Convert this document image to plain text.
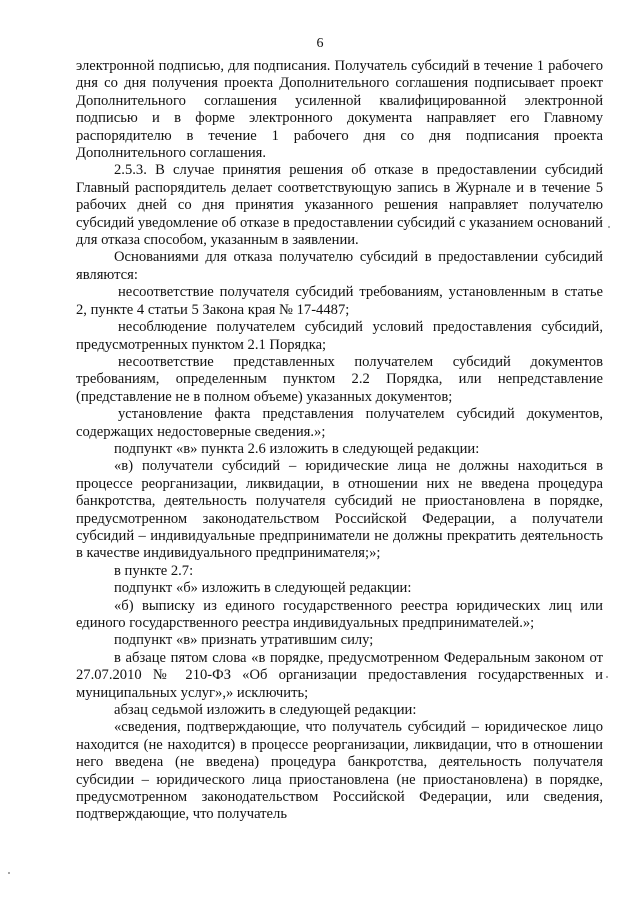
6

электронной подписью, для подписания. Получатель субсидий в течение 1 рабочего дня со дня получения проекта Дополнительного соглашения подписывает проект Дополнительного соглашения усиленной квалифицированной электронной подписью и в форме электронного документа направляет его Главному распорядителю в течение 1 рабочего дня со дня подписания проекта Дополнительного соглашения.

2.5.3. В случае принятия решения об отказе в предоставлении субсидий Главный распорядитель делает соответствующую запись в Журнале и в течение 5 рабочих дней со дня принятия указанного решения направляет получателю субсидий уведомление об отказе в предоставлении субсидий с указанием оснований для отказа способом, указанным в заявлении.

Основаниями для отказа получателю субсидий в предоставлении субсидий являются:

несоответствие получателя субсидий требованиям, установленным в статье 2, пункте 4 статьи 5 Закона края № 17-4487;

несоблюдение получателем субсидий условий предоставления субсидий, предусмотренных пунктом 2.1 Порядка;

несоответствие представленных получателем субсидий документов требованиям, определенным пунктом 2.2 Порядка, или непредставление (представление не в полном объеме) указанных документов;

установление факта представления получателем субсидий документов, содержащих недостоверные сведения.»;

подпункт «в» пункта 2.6 изложить в следующей редакции:

«в) получатели субсидий – юридические лица не должны находиться в процессе реорганизации, ликвидации, в отношении них не введена процедура банкротства, деятельность получателя субсидий не приостановлена в порядке, предусмотренном законодательством Российской Федерации, а получатели субсидий – индивидуальные предприниматели не должны прекратить деятельность в качестве индивидуального предпринимателя;»;

в пункте 2.7:

подпункт «б» изложить в следующей редакции:

«б) выписку из единого государственного реестра юридических лиц или единого государственного реестра индивидуальных предпринимателей.»;

подпункт «в» признать утратившим силу;

в абзаце пятом слова «в порядке, предусмотренном Федеральным законом от 27.07.2010 № 210-ФЗ «Об организации предоставления государственных и муниципальных услуг»,» исключить;

абзац седьмой изложить в следующей редакции:

«сведения, подтверждающие, что получатель субсидий – юридическое лицо находится (не находится) в процессе реорганизации, ликвидации, что в отношении него введена (не введена) процедура банкротства, деятельность получателя субсидии – юридического лица приостановлена (не приостановлена) в порядке, предусмотренном законодательством Российской Федерации, или сведения, подтверждающие, что получатель
